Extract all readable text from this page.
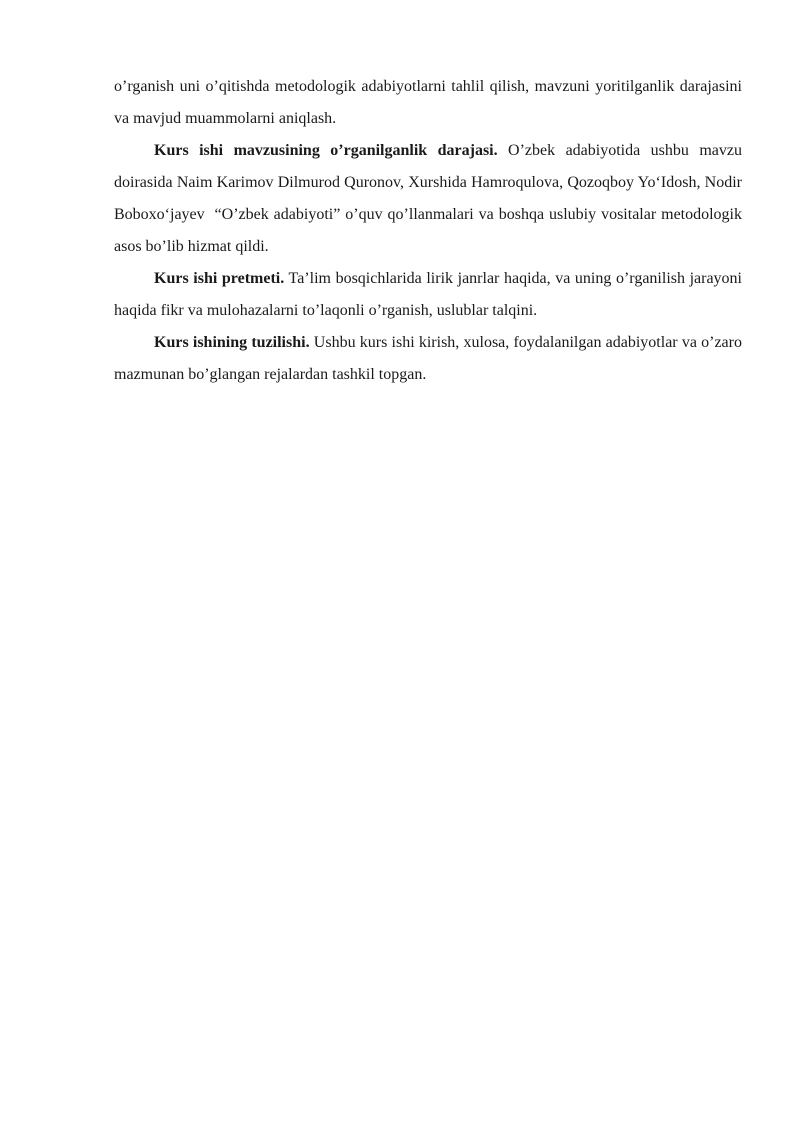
o’rganish uni o’qitishda metodologik adabiyotlarni tahlil qilish, mavzuni yoritilganlik darajasini va mavjud muammolarni aniqlash.

Kurs ishi mavzusining o’rganilganlik darajasi. O’zbek adabiyotida ushbu mavzu doirasida Naim Karimov Dilmurod Quronov, Xurshida Hamroqulova, Qozoqboy Yo‘Idosh, Nodir Boboxo‘jayev  “O’zbek adabiyoti” o’quv qo’llanmalari va boshqa uslubiy vositalar metodologik asos bo’lib hizmat qildi.

Kurs ishi pretmeti. Ta’lim bosqichlarida lirik janrlar haqida, va uning o’rganilish jarayoni haqida fikr va mulohazalarni to’laqonli o’rganish, uslublar talqini.

Kurs ishining tuzilishi. Ushbu kurs ishi kirish, xulosa, foydalanilgan adabiyotlar va o’zaro mazmunan bo’glangan rejalardan tashkil topgan.
